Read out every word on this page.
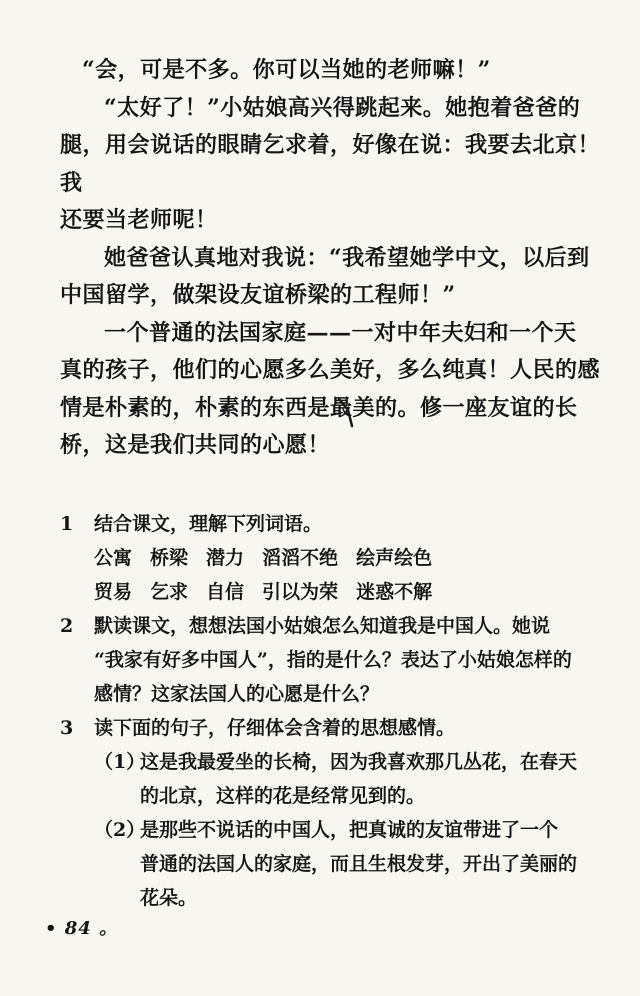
“会，可是不多。你可以当她的老师嘛！”

“太好了！”小姑娘高兴得跳起来。她抱着爸爸的
腿，用会说话的眼睛乞求着，好像在说：我要去北京！我
还要当老师呢！

她爸爸认真地对我说：“我希望她学中文，以后到
中国留学，做架设友谊桥梁的工程师！”

一个普通的法国家庭——一对中年夫妇和一个天
真的孩子，他们的心愿多么美好，多么纯真！人民的感
情是朴素的，朴素的东西是最美的。修一座友谊的长
桥，这是我们共同的心愿！

1	结合课文，理解下列词语。
公寓 桥梁 潜力 滔滔不绝 绘声绘色
贸易 乞求 自信 引以为荣 迷惑不解
2	默读课文，想想法国小姑娘怎么知道我是中国人。她说
“我家有好多中国人”，指的是什么？表达了小姑娘怎样的
感情？这家法国人的心愿是什么？
3	读下面的句子，仔细体会含着的思想感情。
（1）
这是我最爱坐的长椅，因为我喜欢那几丛花，在春天
的北京，这样的花是经常见到的。
（2）
是那些不说话的中国人，把真诚的友谊带进了一个
普通的法国人的家庭，而且生根发芽，开出了美丽的
花朵。
• 84 。
